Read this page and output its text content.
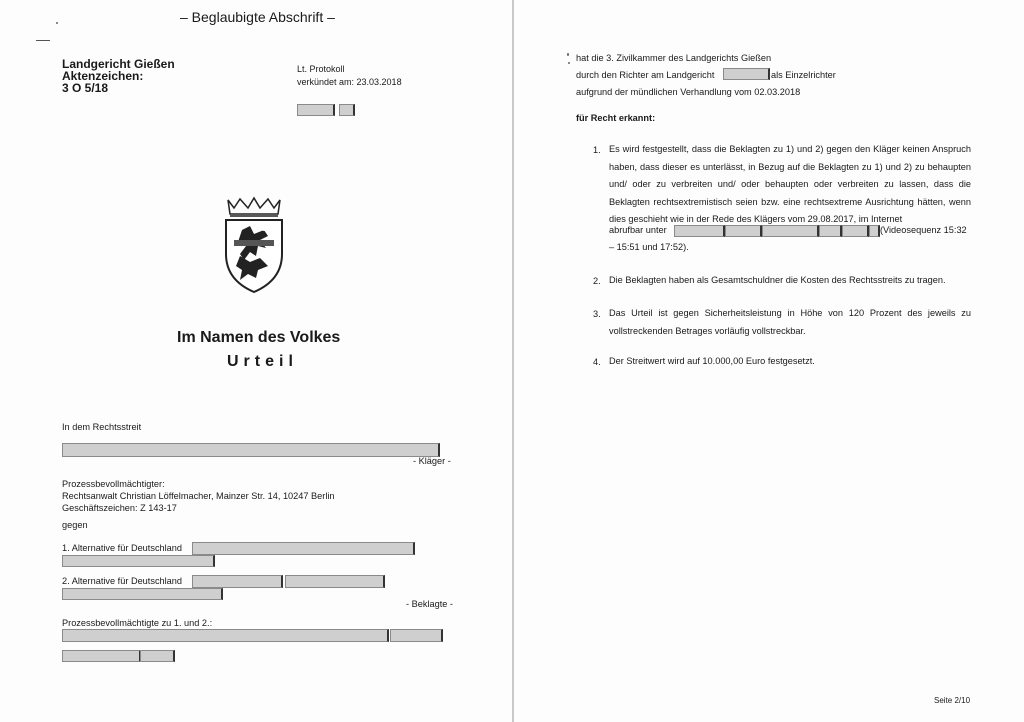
– Beglaubigte Abschrift –
Landgericht Gießen
Aktenzeichen:
3 O 5/18
Lt. Protokoll
verkündet am: 23.03.2018
Im Namen des Volkes
Urteil
In dem Rechtsstreit
- Kläger -
Prozessbevollmächtigter:
Rechtsanwalt Christian Löffelmacher, Mainzer Str. 14, 10247 Berlin
Geschäftszeichen: Z 143-17
gegen
1. Alternative für Deutschland
2. Alternative für Deutschland
- Beklagte -
Prozessbevollmächtigte zu 1. und 2.:
hat die 3. Zivilkammer des Landgerichts Gießen
durch den Richter am Landgericht	als Einzelrichter
aufgrund der mündlichen Verhandlung vom 02.03.2018
für Recht erkannt:
1. Es wird festgestellt, dass die Beklagten zu 1) und 2) gegen den Kläger keinen Anspruch haben, dass dieser es unterlässt, in Bezug auf die Beklagten zu 1) und 2) zu behaupten und/ oder zu verbreiten und/ oder behaupten oder verbreiten zu lassen, dass die Beklagten rechtsextremistisch seien bzw. eine rechtsextreme Ausrichtung hätten, wenn dies geschieht wie in der Rede des Klägers vom 29.08.2017, im Internet
abrufbar unter	(Videosequenz 15:32
– 15:51 und 17:52).
2. Die Beklagten haben als Gesamtschuldner die Kosten des Rechtsstreits zu tragen.
3. Das Urteil ist gegen Sicherheitsleistung in Höhe von 120 Prozent des jeweils zu vollstreckenden Betrages vorläufig vollstreckbar.
4. Der Streitwert wird auf 10.000,00 Euro festgesetzt.
Seite 2/10
